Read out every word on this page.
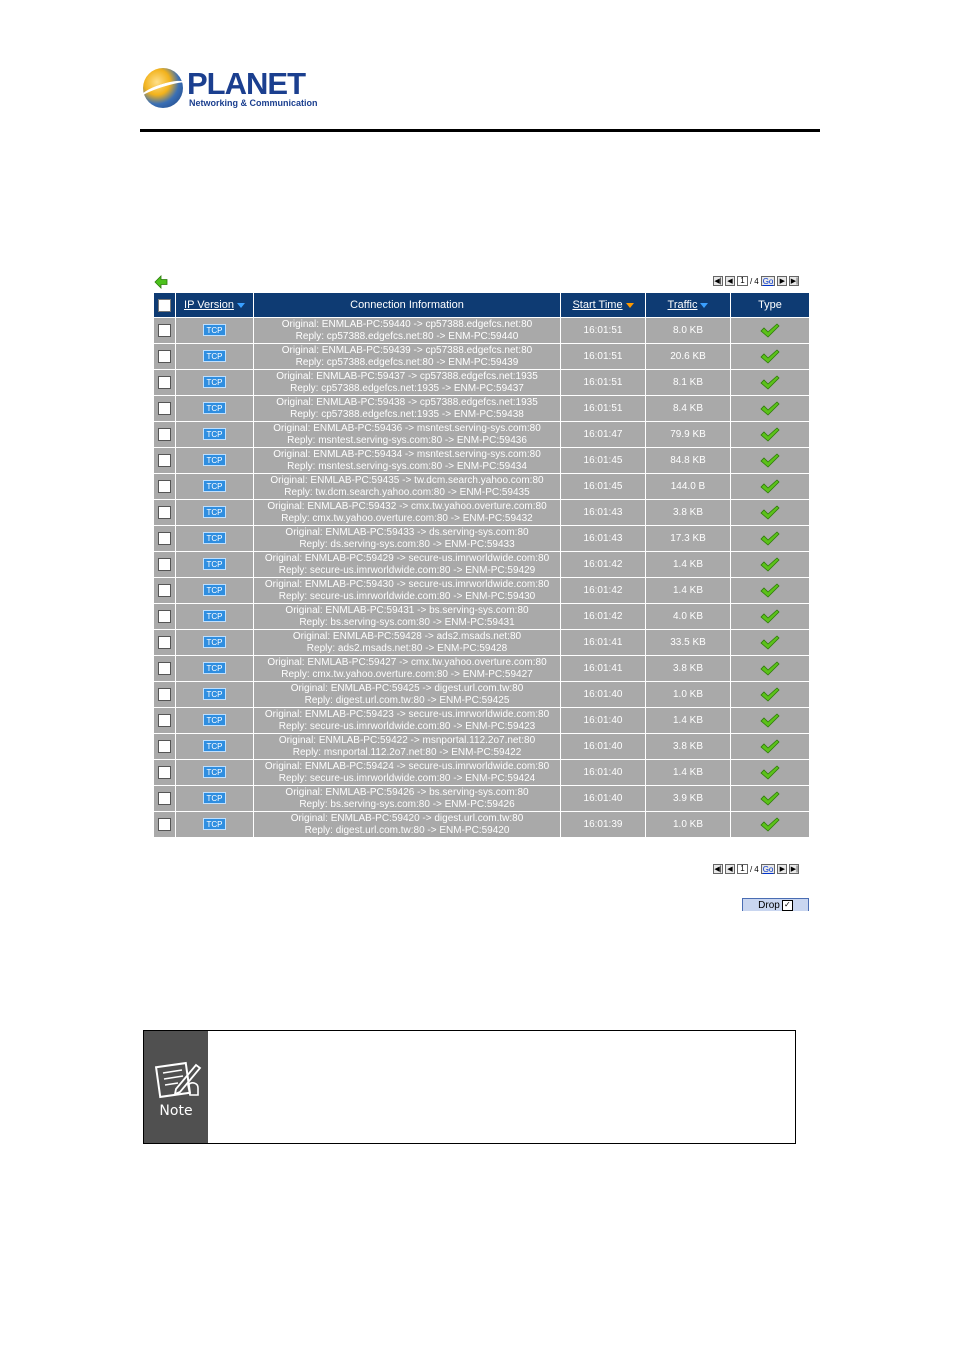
PLANET
Networking & Communication
◀| ◀ 1 / 4 Go ▶ ▶|
	IP Version	Connection Information	Start Time	Traffic	Type
	TCP	Original: ENMLAB-PC:59440 -> cp57388.edgefcs.net:80
Reply: cp57388.edgefcs.net:80 -> ENM-PC:59440	16:01:51	8.0 KB	
	TCP	Original: ENMLAB-PC:59439 -> cp57388.edgefcs.net:80
Reply: cp57388.edgefcs.net:80 -> ENM-PC:59439	16:01:51	20.6 KB	
	TCP	Original: ENMLAB-PC:59437 -> cp57388.edgefcs.net:1935
Reply: cp57388.edgefcs.net:1935 -> ENM-PC:59437	16:01:51	8.1 KB	
	TCP	Original: ENMLAB-PC:59438 -> cp57388.edgefcs.net:1935
Reply: cp57388.edgefcs.net:1935 -> ENM-PC:59438	16:01:51	8.4 KB	
	TCP	Original: ENMLAB-PC:59436 -> msntest.serving-sys.com:80
Reply: msntest.serving-sys.com:80 -> ENM-PC:59436	16:01:47	79.9 KB	
	TCP	Original: ENMLAB-PC:59434 -> msntest.serving-sys.com:80
Reply: msntest.serving-sys.com:80 -> ENM-PC:59434	16:01:45	84.8 KB	
	TCP	Original: ENMLAB-PC:59435 -> tw.dcm.search.yahoo.com:80
Reply: tw.dcm.search.yahoo.com:80 -> ENM-PC:59435	16:01:45	144.0 B	
	TCP	Original: ENMLAB-PC:59432 -> cmx.tw.yahoo.overture.com:80
Reply: cmx.tw.yahoo.overture.com:80 -> ENM-PC:59432	16:01:43	3.8 KB	
	TCP	Original: ENMLAB-PC:59433 -> ds.serving-sys.com:80
Reply: ds.serving-sys.com:80 -> ENM-PC:59433	16:01:43	17.3 KB	
	TCP	Original: ENMLAB-PC:59429 -> secure-us.imrworldwide.com:80
Reply: secure-us.imrworldwide.com:80 -> ENM-PC:59429	16:01:42	1.4 KB	
	TCP	Original: ENMLAB-PC:59430 -> secure-us.imrworldwide.com:80
Reply: secure-us.imrworldwide.com:80 -> ENM-PC:59430	16:01:42	1.4 KB	
	TCP	Original: ENMLAB-PC:59431 -> bs.serving-sys.com:80
Reply: bs.serving-sys.com:80 -> ENM-PC:59431	16:01:42	4.0 KB	
	TCP	Original: ENMLAB-PC:59428 -> ads2.msads.net:80
Reply: ads2.msads.net:80 -> ENM-PC:59428	16:01:41	33.5 KB	
	TCP	Original: ENMLAB-PC:59427 -> cmx.tw.yahoo.overture.com:80
Reply: cmx.tw.yahoo.overture.com:80 -> ENM-PC:59427	16:01:41	3.8 KB	
	TCP	Original: ENMLAB-PC:59425 -> digest.url.com.tw:80
Reply: digest.url.com.tw:80 -> ENM-PC:59425	16:01:40	1.0 KB	
	TCP	Original: ENMLAB-PC:59423 -> secure-us.imrworldwide.com:80
Reply: secure-us.imrworldwide.com:80 -> ENM-PC:59423	16:01:40	1.4 KB	
	TCP	Original: ENMLAB-PC:59422 -> msnportal.112.2o7.net:80
Reply: msnportal.112.2o7.net:80 -> ENM-PC:59422	16:01:40	3.8 KB	
	TCP	Original: ENMLAB-PC:59424 -> secure-us.imrworldwide.com:80
Reply: secure-us.imrworldwide.com:80 -> ENM-PC:59424	16:01:40	1.4 KB	
	TCP	Original: ENMLAB-PC:59426 -> bs.serving-sys.com:80
Reply: bs.serving-sys.com:80 -> ENM-PC:59426	16:01:40	3.9 KB	
	TCP	Original: ENMLAB-PC:59420 -> digest.url.com.tw:80
Reply: digest.url.com.tw:80 -> ENM-PC:59420	16:01:39	1.0 KB	
◀| ◀ 1 / 4 Go ▶ ▶|
Drop ✓
Note
